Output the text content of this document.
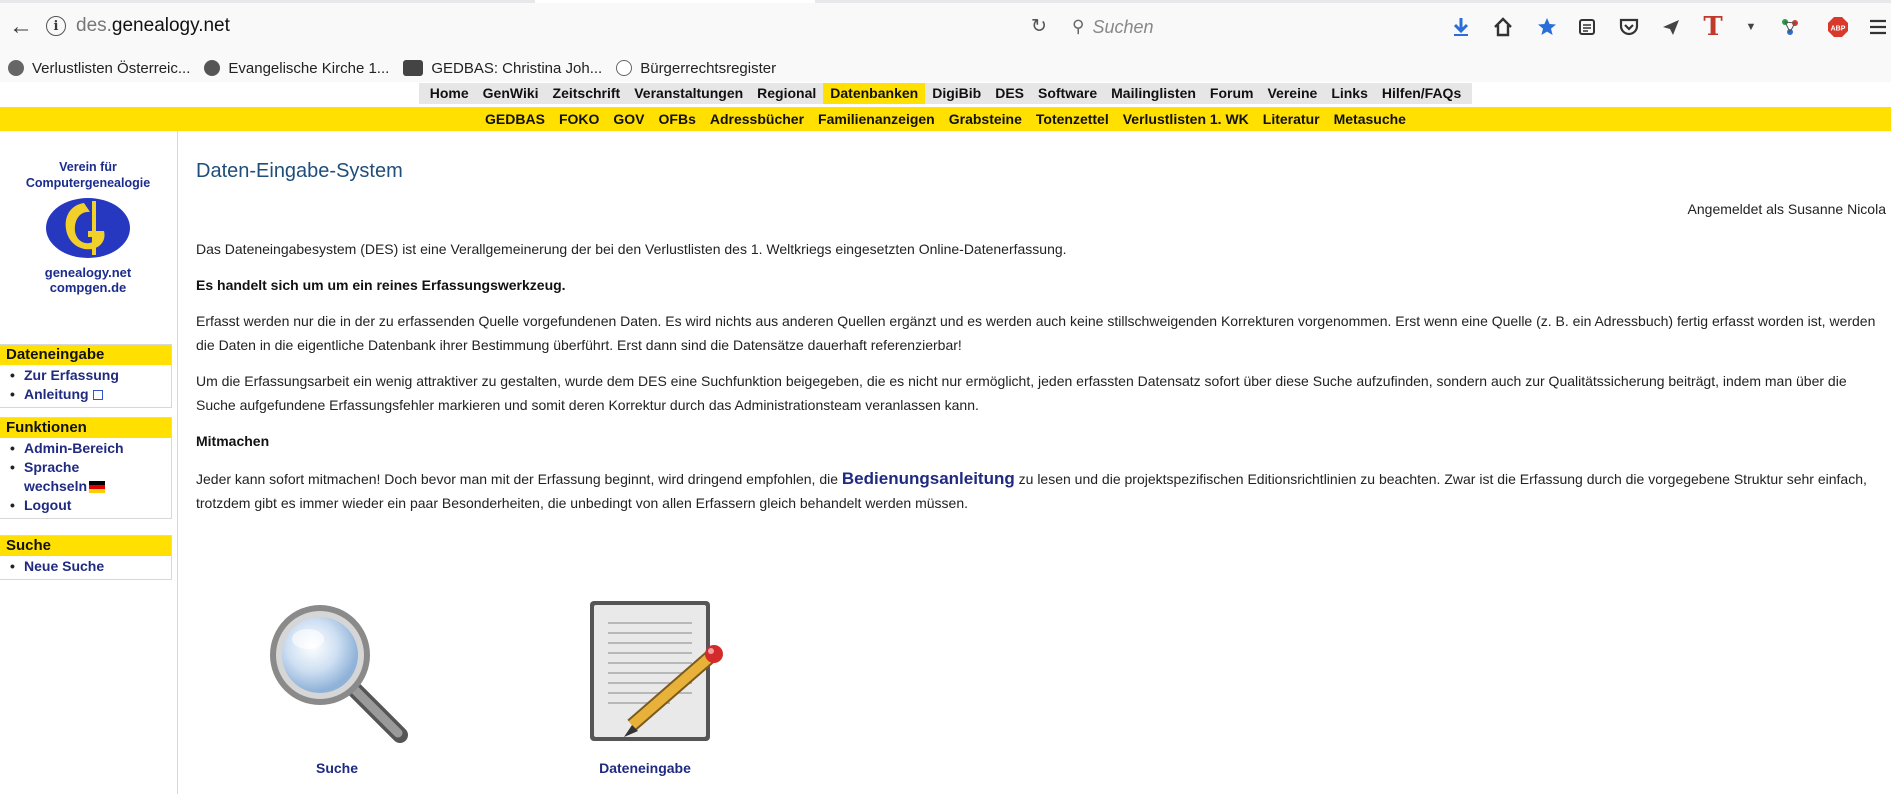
←	i des.genealogy.net	↻ ⚲ Suchen	T ▼	ABP
Verlustlisten Österreic...	Evangelische Kirche 1...	GEDBAS: Christina Joh...	Bürgerrechtsregister
Home	GenWiki	Zeitschrift	Veranstaltungen	Regional	Datenbanken	DigiBib	DES	Software	Mailinglisten	Forum	Vereine	Links	Hilfen/FAQs
GEDBAS	FOKO	GOV	OFBs	Adressbücher	Familienanzeigen	Grabsteine	Totenzettel	Verlustlisten 1. WK	Literatur	Metasuche
Verein für
Computergenealogie
genealogy.net
compgen.de
Dateneingabe
• Zur Erfassung
• Anleitung
Funktionen
• Admin-Bereich
• Sprache
wechseln
• Logout
Suche
• Neue Suche
Daten-Eingabe-System
Angemeldet als Susanne Nicola
Das Dateneingabesystem (DES) ist eine Verallgemeinerung der bei den Verlustlisten des 1. Weltkriegs eingesetzten Online-Datenerfassung.
Es handelt sich um um ein reines Erfassungswerkzeug.
Erfasst werden nur die in der zu erfassenden Quelle vorgefundenen Daten. Es wird nichts aus anderen Quellen ergänzt und es werden auch keine stillschweigenden Korrekturen vorgenommen. Erst wenn eine Quelle (z. B. ein Adressbuch) fertig erfasst worden ist, werden die Daten in die eigentliche Datenbank ihrer Bestimmung überführt. Erst dann sind die Datensätze dauerhaft referenzierbar!
Um die Erfassungsarbeit ein wenig attraktiver zu gestalten, wurde dem DES eine Suchfunktion beigegeben, die es nicht nur ermöglicht, jeden erfassten Datensatz sofort über diese Suche aufzufinden, sondern auch zur Qualitätssicherung beiträgt, indem man über die Suche aufgefundene Erfassungsfehler markieren und somit deren Korrektur durch das Administrationsteam veranlassen kann.
Mitmachen
Jeder kann sofort mitmachen! Doch bevor man mit der Erfassung beginnt, wird dringend empfohlen, die Bedienungsanleitung zu lesen und die projektspezifischen Editionsrichtlinien zu beachten. Zwar ist die Erfassung durch die vorgegebene Struktur sehr einfach, trotzdem gibt es immer wieder ein paar Besonderheiten, die unbedingt von allen Erfassern gleich behandelt werden müssen.
Suche	Dateneingabe
